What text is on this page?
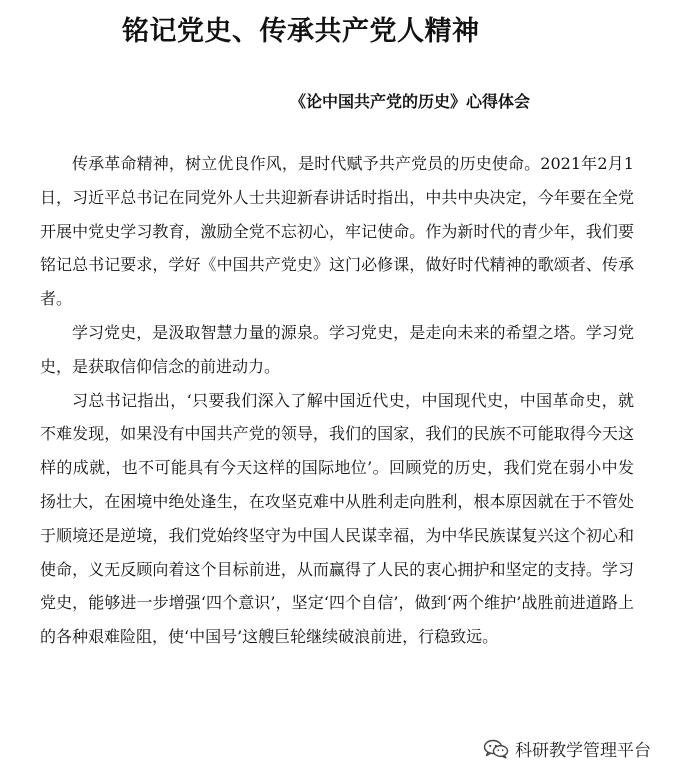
铭记党史、传承共产党人精神
《论中国共产党的历史》心得体会

传承革命精神，树立优良作风，是时代赋予共产党员的历史使命。2021年2月1日，习近平总书记在同党外人士共迎新春讲话时指出，中共中央决定，今年要在全党开展中党史学习教育，激励全党不忘初心，牢记使命。作为新时代的青少年，我们要铭记总书记要求，学好《中国共产党史》这门必修课，做好时代精神的歌颂者、传承者。

学习党史，是汲取智慧力量的源泉。学习党史，是走向未来的希望之塔。学习党史，是获取信仰信念的前进动力。

习总书记指出，‘只要我们深入了解中国近代史，中国现代史，中国革命史，就不难发现，如果没有中国共产党的领导，我们的国家，我们的民族不可能取得今天这样的成就，也不可能具有今天这样的国际地位’。回顾党的历史，我们党在弱小中发扬壮大，在困境中绝处逢生，在攻坚克难中从胜利走向胜利，根本原因就在于不管处于顺境还是逆境，我们党始终坚守为中国人民谋幸福，为中华民族谋复兴这个初心和使命，义无反顾向着这个目标前进，从而赢得了人民的衷心拥护和坚定的支持。学习党史，能够进一步增强‘四个意识’，坚定‘四个自信’，做到‘两个维护’战胜前进道路上的各种艰难险阻，使‘中国号’这艘巨轮继续破浪前进，行稳致远。

科研教学管理平台
